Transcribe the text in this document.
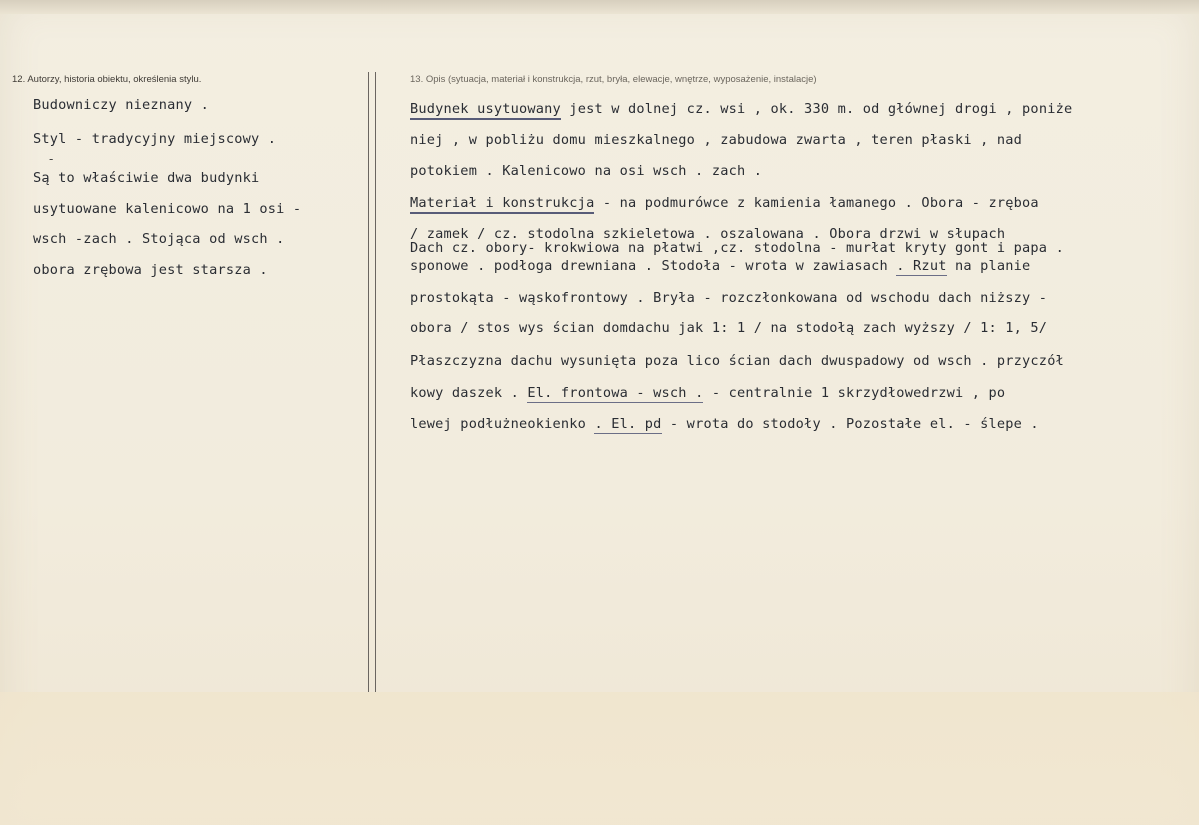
12. Autorzy, historia obiektu, określenia stylu.
Budowniczy nieznany .
Styl - tradycyjny miejscowy .
-
Są to właściwie dwa budynki
usytuowane kalenicowo na 1 osi -
wsch -zach . Stojąca od wsch .
obora zrębowa jest starsza .
13. Opis (sytuacja, materiał i konstrukcja, rzut, bryła, elewacje, wnętrze, wyposażenie, instalacje)
Budynek usytuowany jest w dolnej cz. wsi , ok. 330 m. od głównej drogi , poniże
niej , w pobliżu domu mieszkalnego , zabudowa zwarta , teren płaski , nad
potokiem . Kalenicowo na osi wsch . zach .
Materiał i konstrukcja - na podmurówce z kamienia łamanego . Obora - zręboa
/ zamek / cz. stodolna szkieletowa . oszalowana . Obora drzwi w słupach
Dach cz. obory- krokwiowa na płatwi ,cz. stodolna - murłat kryty gont i papa .
sponowe . podłoga drewniana . Stodoła - wrota w zawiasach . Rzut na planie
prostokąta - wąskofrontowy . Bryła - rozczłonkowana od wschodu dach niższy -
obora / stos wys ścian domdachu jak 1: 1 / na stodołą zach wyższy / 1: 1, 5/
Płaszczyzna dachu wysunięta poza lico ścian dach dwuspadowy od wsch . przyczół
kowy daszek . El. frontowa - wsch . - centralnie 1 skrzydłowedrzwi , po
lewej podłużneokienko . El. pd - wrota do stodoły . Pozostałe el. - ślepe .
